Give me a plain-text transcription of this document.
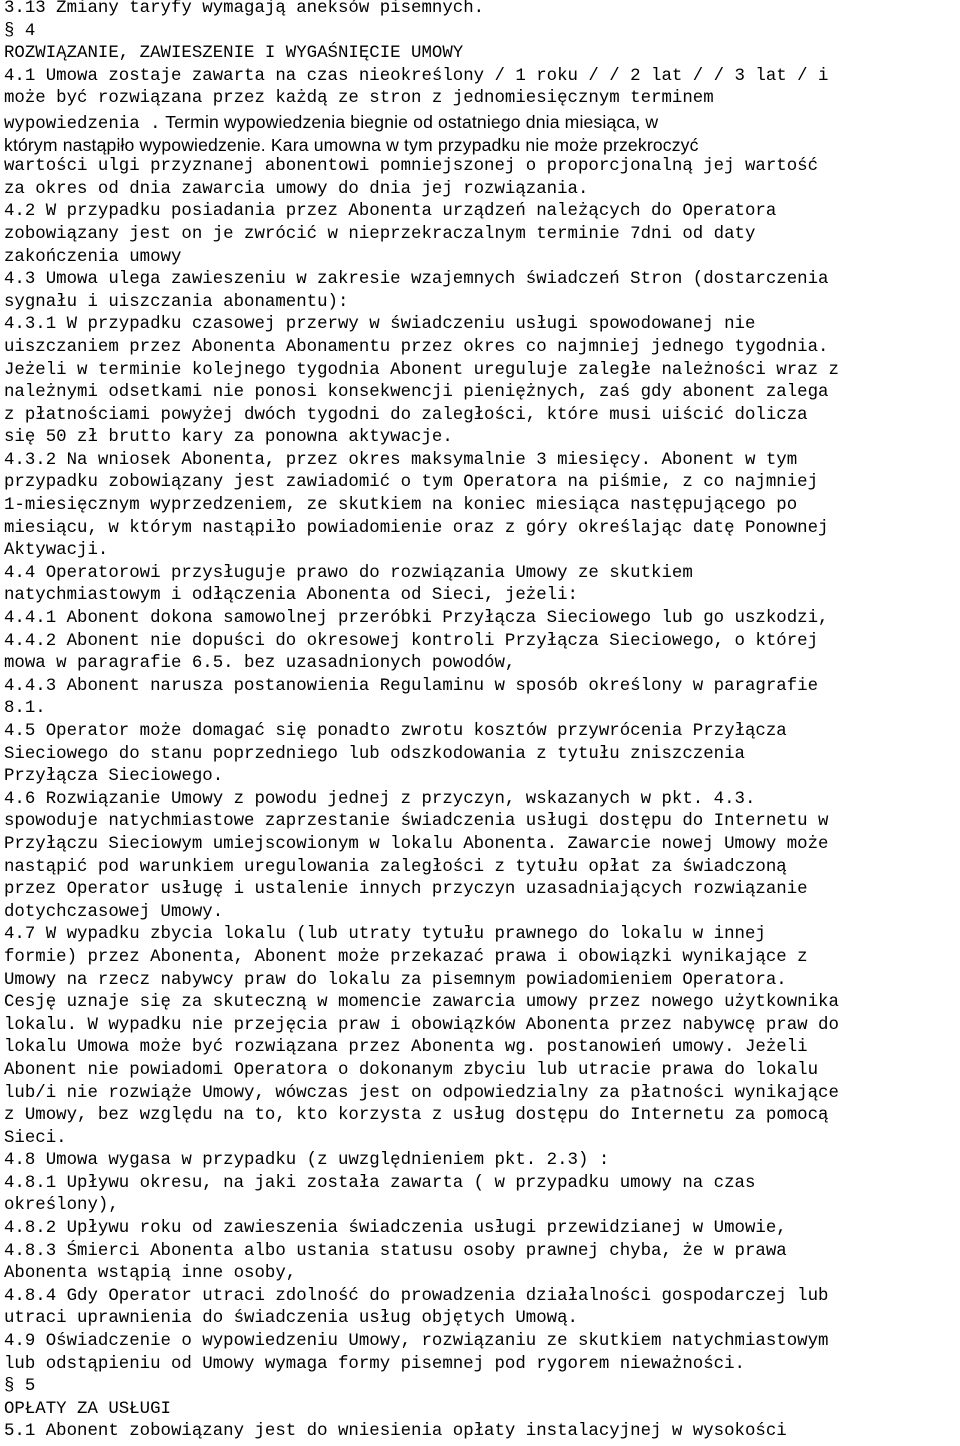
3.13 Zmiany taryfy wymagają aneksów pisemnych.
§ 4
ROZWIĄZANIE, ZAWIESZENIE I WYGAŚNIĘCIE UMOWY
4.1 Umowa zostaje zawarta na czas nieokreślony / 1 roku / / 2 lat / / 3 lat / i
może być rozwiązana przez każdą ze stron z jednomiesięcznym terminem
wypowiedzenia . Termin wypowiedzenia biegnie od ostatniego dnia miesiąca, w
którym nastąpiło wypowiedzenie. Kara umowna w tym przypadku nie może przekroczyć
wartości ulgi przyznanej abonentowi pomniejszonej o proporcjonalną jej wartość
za okres od dnia zawarcia umowy do dnia jej rozwiązania.
4.2 W przypadku posiadania przez Abonenta urządzeń należących do Operatora
zobowiązany jest on je zwrócić w nieprzekraczalnym terminie 7dni od daty
zakończenia umowy
4.3 Umowa ulega zawieszeniu w zakresie wzajemnych świadczeń Stron (dostarczenia
sygnału i uiszczania abonamentu):
4.3.1 W przypadku czasowej przerwy w świadczeniu usługi spowodowanej nie
uiszczaniem przez Abonenta Abonamentu przez okres co najmniej jednego tygodnia.
Jeżeli w terminie kolejnego tygodnia Abonent ureguluje zaległe należności wraz z
należnymi odsetkami nie ponosi konsekwencji pieniężnych, zaś gdy abonent zalega
z płatnościami powyżej dwóch tygodni do zaległości, które musi uiścić dolicza
się 50 zł brutto kary za ponowna aktywacje.
4.3.2 Na wniosek Abonenta, przez okres maksymalnie 3 miesięcy. Abonent w tym
przypadku zobowiązany jest zawiadomić o tym Operatora na piśmie, z co najmniej
1-miesięcznym wyprzedzeniem, ze skutkiem na koniec miesiąca następującego po
miesiącu, w którym nastąpiło powiadomienie oraz z góry określając datę Ponownej
Aktywacji.
4.4 Operatorowi przysługuje prawo do rozwiązania Umowy ze skutkiem
natychmiastowym i odłączenia Abonenta od Sieci, jeżeli:
4.4.1 Abonent dokona samowolnej przeróbki Przyłącza Sieciowego lub go uszkodzi,
4.4.2 Abonent nie dopuści do okresowej kontroli Przyłącza Sieciowego, o której
mowa w paragrafie 6.5. bez uzasadnionych powodów,
4.4.3 Abonent narusza postanowienia Regulaminu w sposób określony w paragrafie
8.1.
4.5 Operator może domagać się ponadto zwrotu kosztów przywrócenia Przyłącza
Sieciowego do stanu poprzedniego lub odszkodowania z tytułu zniszczenia
Przyłącza Sieciowego.
4.6 Rozwiązanie Umowy z powodu jednej z przyczyn, wskazanych w pkt. 4.3.
spowoduje natychmiastowe zaprzestanie świadczenia usługi dostępu do Internetu w
Przyłączu Sieciowym umiejscowionym w lokalu Abonenta. Zawarcie nowej Umowy może
nastąpić pod warunkiem uregulowania zaległości z tytułu opłat za świadczoną
przez Operator usługę i ustalenie innych przyczyn uzasadniających rozwiązanie
dotychczasowej Umowy.
4.7 W wypadku zbycia lokalu (lub utraty tytułu prawnego do lokalu w innej
formie) przez Abonenta, Abonent może przekazać prawa i obowiązki wynikające z
Umowy na rzecz nabywcy praw do lokalu za pisemnym powiadomieniem Operatora.
Cesję uznaje się za skuteczną w momencie zawarcia umowy przez nowego użytkownika
lokalu. W wypadku nie przejęcia praw i obowiązków Abonenta przez nabywcę praw do
lokalu Umowa może być rozwiązana przez Abonenta wg. postanowień umowy. Jeżeli
Abonent nie powiadomi Operatora o dokonanym zbyciu lub utracie prawa do lokalu
lub/i nie rozwiąże Umowy, wówczas jest on odpowiedzialny za płatności wynikające
z Umowy, bez względu na to, kto korzysta z usług dostępu do Internetu za pomocą
Sieci.
4.8 Umowa wygasa w przypadku (z uwzględnieniem pkt. 2.3) :
4.8.1 Upływu okresu, na jaki została zawarta ( w przypadku umowy na czas
określony),
4.8.2 Upływu roku od zawieszenia świadczenia usługi przewidzianej w Umowie,
4.8.3 Śmierci Abonenta albo ustania statusu osoby prawnej chyba, że w prawa
Abonenta wstąpią inne osoby,
4.8.4 Gdy Operator utraci zdolność do prowadzenia działalności gospodarczej lub
utraci uprawnienia do świadczenia usług objętych Umową.
4.9 Oświadczenie o wypowiedzeniu Umowy, rozwiązaniu ze skutkiem natychmiastowym
lub odstąpieniu od Umowy wymaga formy pisemnej pod rygorem nieważności.
§ 5
OPŁATY ZA USŁUGI
5.1 Abonent zobowiązany jest do wniesienia opłaty instalacyjnej w wysokości
